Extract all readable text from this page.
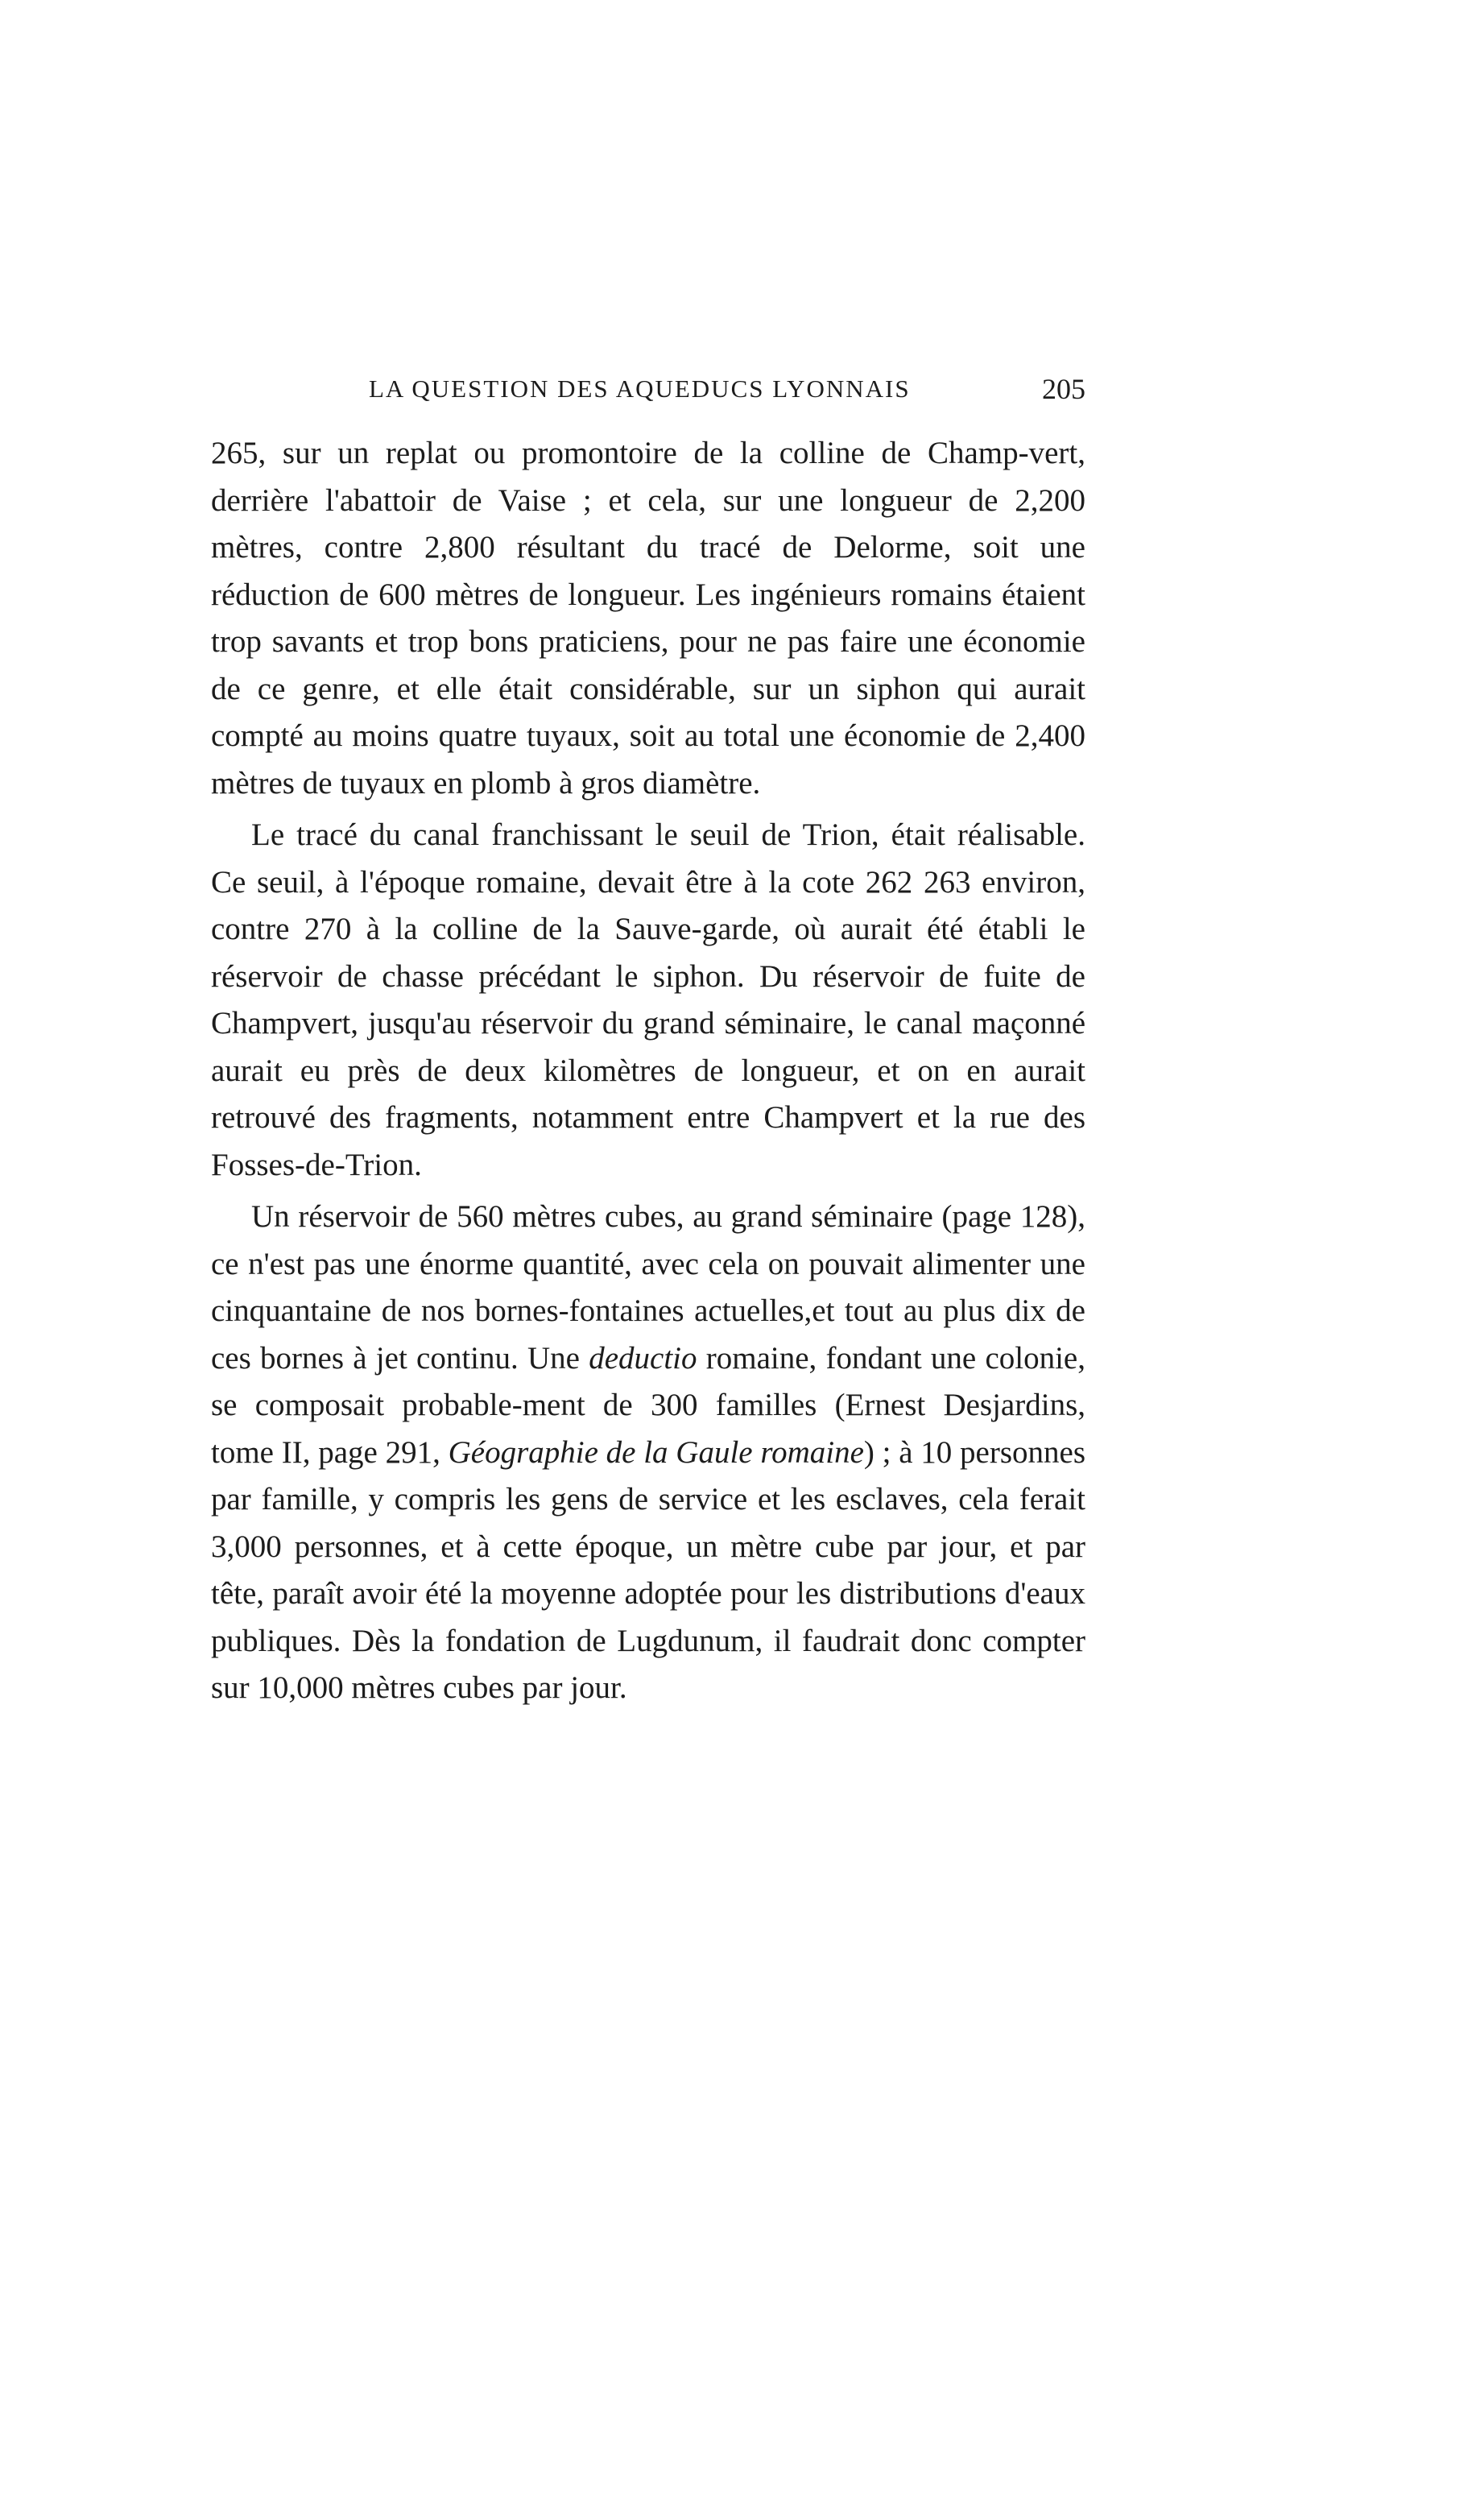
LA QUESTION DES AQUEDUCS LYONNAIS	205

265, sur un replat ou promontoire de la colline de Champ-vert, derrière l'abattoir de Vaise ; et cela, sur une longueur de 2,200 mètres, contre 2,800 résultant du tracé de Delorme, soit une réduction de 600 mètres de longueur. Les ingénieurs romains étaient trop savants et trop bons praticiens, pour ne pas faire une économie de ce genre, et elle était considérable, sur un siphon qui aurait compté au moins quatre tuyaux, soit au total une économie de 2,400 mètres de tuyaux en plomb à gros diamètre.

Le tracé du canal franchissant le seuil de Trion, était réalisable. Ce seuil, à l'époque romaine, devait être à la cote 262 263 environ, contre 270 à la colline de la Sauve-garde, où aurait été établi le réservoir de chasse précédant le siphon. Du réservoir de fuite de Champvert, jusqu'au réservoir du grand séminaire, le canal maçonné aurait eu près de deux kilomètres de longueur, et on en aurait retrouvé des fragments, notamment entre Champvert et la rue des Fosses-de-Trion.

Un réservoir de 560 mètres cubes, au grand séminaire (page 128), ce n'est pas une énorme quantité, avec cela on pouvait alimenter une cinquantaine de nos bornes-fontaines actuelles,et tout au plus dix de ces bornes à jet continu. Une deductio romaine, fondant une colonie, se composait probable-ment de 300 familles (Ernest Desjardins, tome II, page 291, Géographie de la Gaule romaine) ; à 10 personnes par famille, y compris les gens de service et les esclaves, cela ferait 3,000 personnes, et à cette époque, un mètre cube par jour, et par tête, paraît avoir été la moyenne adoptée pour les distributions d'eaux publiques. Dès la fondation de Lugdunum, il faudrait donc compter sur 10,000 mètres cubes par jour.
